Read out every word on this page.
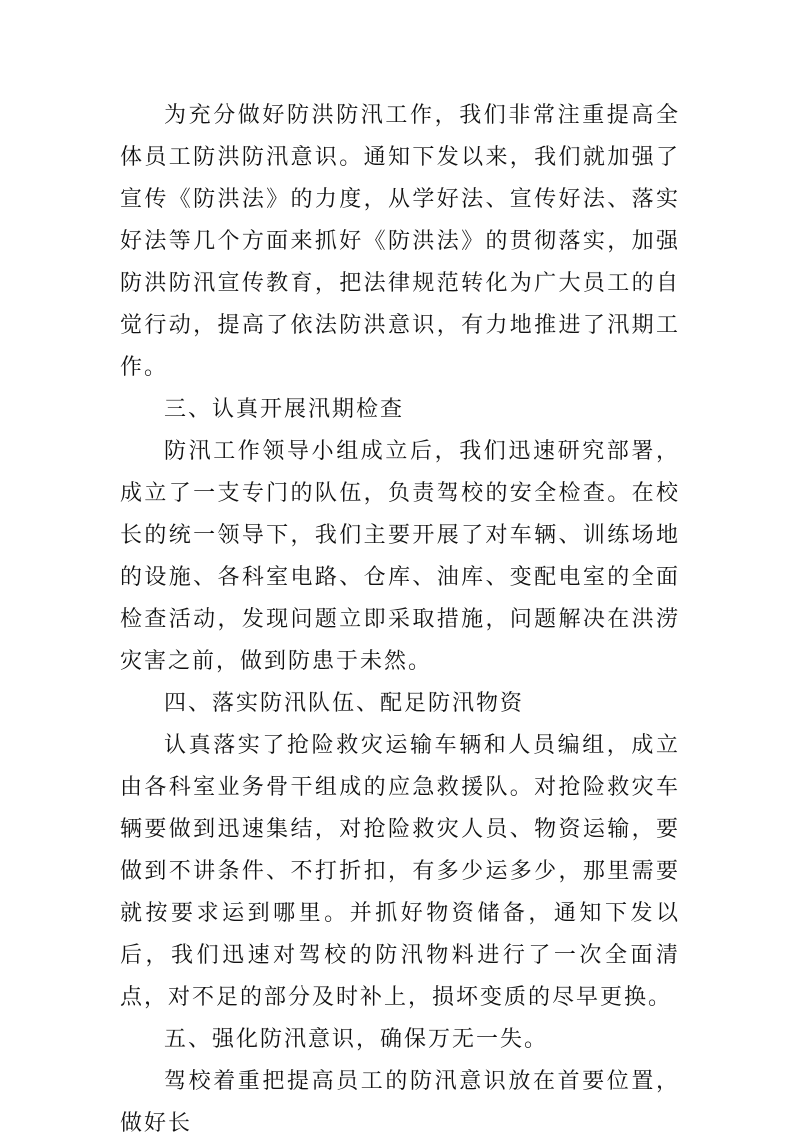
为充分做好防洪防汛工作，我们非常注重提高全体员工防洪防汛意识。通知下发以来，我们就加强了宣传《防洪法》的力度，从学好法、宣传好法、落实好法等几个方面来抓好《防洪法》的贯彻落实，加强防洪防汛宣传教育，把法律规范转化为广大员工的自觉行动，提高了依法防洪意识，有力地推进了汛期工作。

三、认真开展汛期检查

防汛工作领导小组成立后，我们迅速研究部署，成立了一支专门的队伍，负责驾校的安全检查。在校长的统一领导下，我们主要开展了对车辆、训练场地的设施、各科室电路、仓库、油库、变配电室的全面检查活动，发现问题立即采取措施，问题解决在洪涝灾害之前，做到防患于未然。

四、落实防汛队伍、配足防汛物资

认真落实了抢险救灾运输车辆和人员编组，成立由各科室业务骨干组成的应急救援队。对抢险救灾车辆要做到迅速集结，对抢险救灾人员、物资运输，要做到不讲条件、不打折扣，有多少运多少，那里需要就按要求运到哪里。并抓好物资储备，通知下发以后，我们迅速对驾校的防汛物料进行了一次全面清点，对不足的部分及时补上，损坏变质的尽早更换。

五、强化防汛意识，确保万无一失。

驾校着重把提高员工的防汛意识放在首要位置，做好长
